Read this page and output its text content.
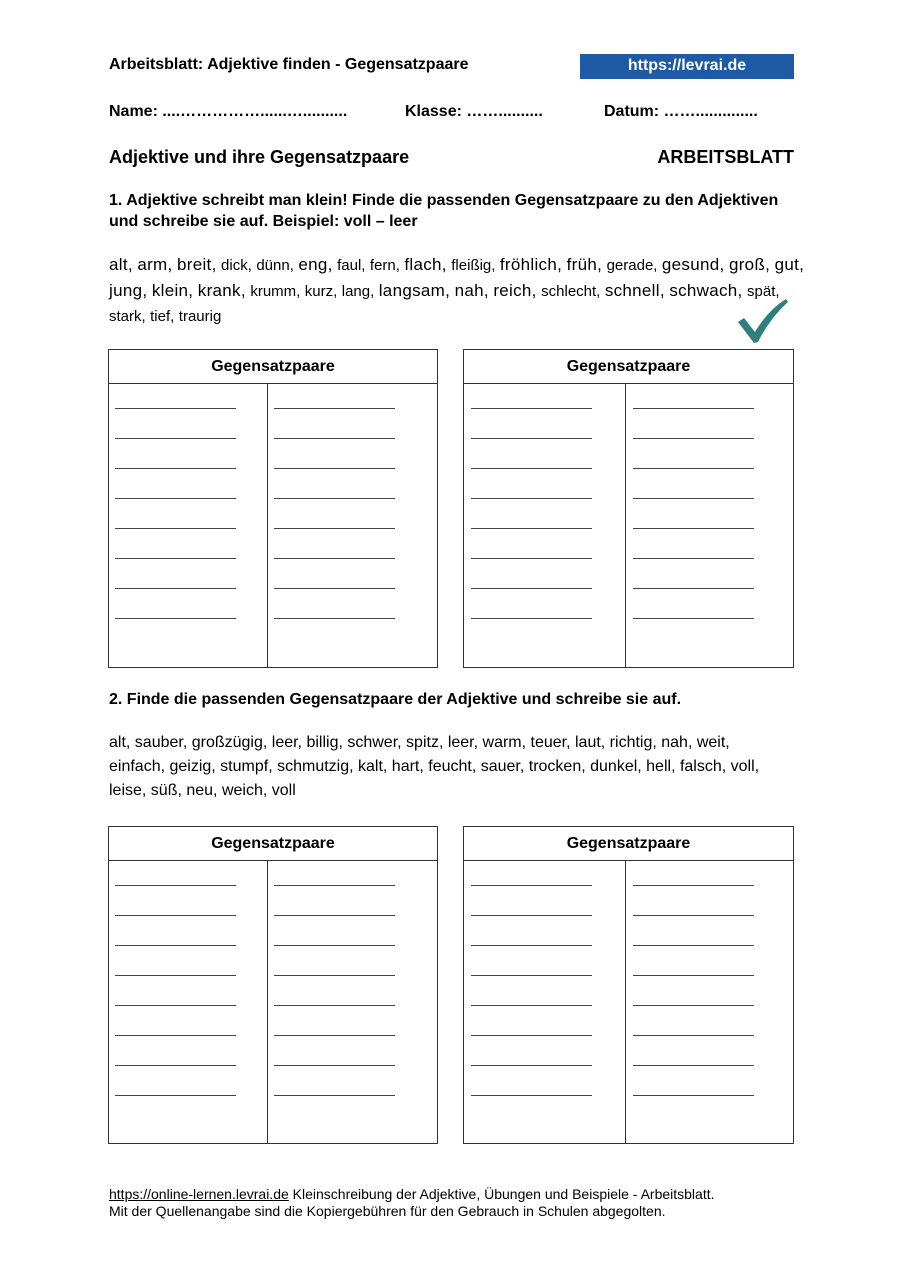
Arbeitsblatt: Adjektive finden - Gegensatzpaare	https://levrai.de
Name: ....……………......…..........	Klasse: ……..........	Datum: ……..............
Adjektive und ihre Gegensatzpaare	ARBEITSBLATT
1. Adjektive schreibt man klein! Finde die passenden Gegensatzpaare zu den Adjektiven und schreibe sie auf. Beispiel: voll – leer
alt, arm, breit, dick, dünn, eng, faul, fern, flach, fleißig, fröhlich, früh, gerade, gesund, groß, gut, jung, klein, krank, krumm, kurz, lang, langsam, nah, reich, schlecht, schnell, schwach, spät, stark, tief, traurig
Gegensatzpaare	Gegensatzpaare
2. Finde die passenden Gegensatzpaare der Adjektive und schreibe sie auf.
alt, sauber, großzügig, leer, billig, schwer, spitz, leer, warm, teuer, laut, richtig, nah, weit, einfach, geizig, stumpf, schmutzig, kalt, hart, feucht, sauer, trocken, dunkel, hell, falsch, voll, leise, süß, neu, weich, voll
Gegensatzpaare	Gegensatzpaare
https://online-lernen.levrai.de Kleinschreibung der Adjektive, Übungen und Beispiele - Arbeitsblatt.
Mit der Quellenangabe sind die Kopiergebühren für den Gebrauch in Schulen abgegolten.
